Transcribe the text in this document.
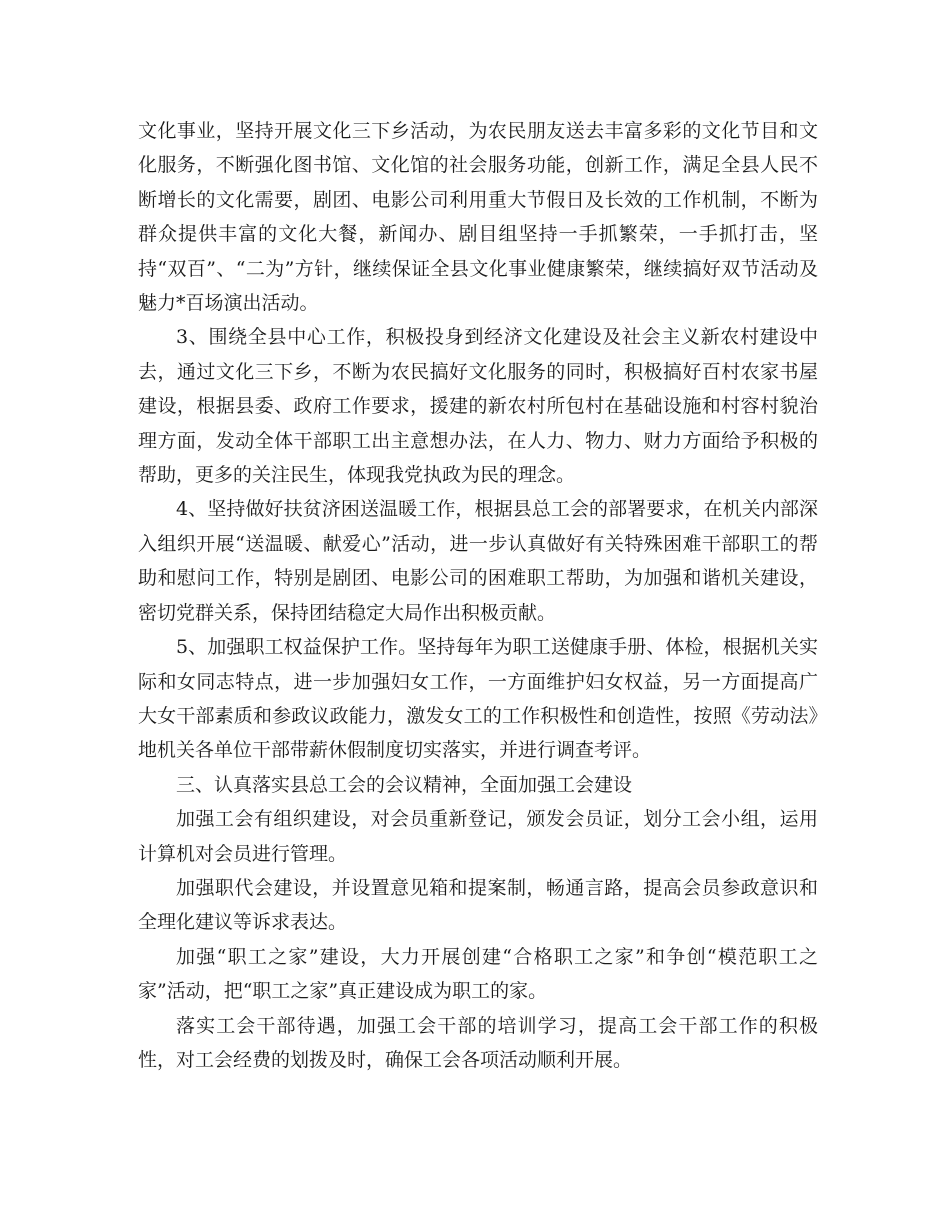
文化事业，坚持开展文化三下乡活动，为农民朋友送去丰富多彩的文化节目和文化服务，不断强化图书馆、文化馆的社会服务功能，创新工作，满足全县人民不断增长的文化需要，剧团、电影公司利用重大节假日及长效的工作机制，不断为群众提供丰富的文化大餐，新闻办、剧目组坚持一手抓繁荣，一手抓打击，坚持“双百”、“二为”方针，继续保证全县文化事业健康繁荣，继续搞好双节活动及魅力*百场演出活动。

3、围绕全县中心工作，积极投身到经济文化建设及社会主义新农村建设中去，通过文化三下乡，不断为农民搞好文化服务的同时，积极搞好百村农家书屋建设，根据县委、政府工作要求，援建的新农村所包村在基础设施和村容村貌治理方面，发动全体干部职工出主意想办法，在人力、物力、财力方面给予积极的帮助，更多的关注民生，体现我党执政为民的理念。

4、坚持做好扶贫济困送温暖工作，根据县总工会的部署要求，在机关内部深入组织开展“送温暖、献爱心”活动，进一步认真做好有关特殊困难干部职工的帮助和慰问工作，特别是剧团、电影公司的困难职工帮助，为加强和谐机关建设，密切党群关系，保持团结稳定大局作出积极贡献。

5、加强职工权益保护工作。坚持每年为职工送健康手册、体检，根据机关实际和女同志特点，进一步加强妇女工作，一方面维护妇女权益，另一方面提高广大女干部素质和参政议政能力，激发女工的工作积极性和创造性，按照《劳动法》地机关各单位干部带薪休假制度切实落实，并进行调查考评。

三、认真落实县总工会的会议精神，全面加强工会建设

加强工会有组织建设，对会员重新登记，颁发会员证，划分工会小组，运用计算机对会员进行管理。

加强职代会建设，并设置意见箱和提案制，畅通言路，提高会员参政意识和全理化建议等诉求表达。

加强“职工之家”建设，大力开展创建“合格职工之家”和争创“模范职工之家”活动，把“职工之家”真正建设成为职工的家。

落实工会干部待遇，加强工会干部的培训学习，提高工会干部工作的积极性，对工会经费的划拨及时，确保工会各项活动顺利开展。
